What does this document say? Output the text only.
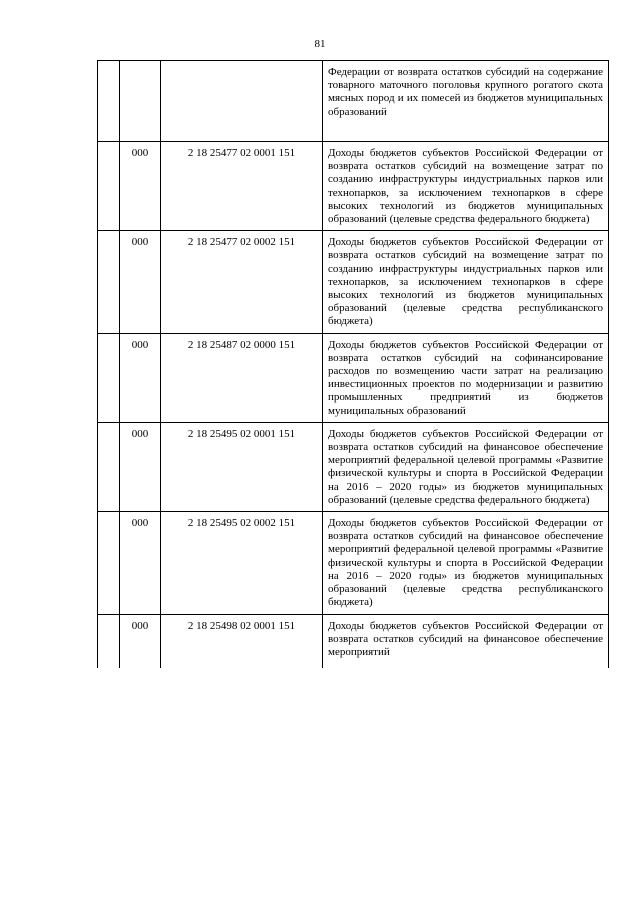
81
			Федерации от возврата остатков субсидий на содержание товарного маточного поголовья крупного рогатого скота мясных пород и их помесей из бюджетов муниципальных образований
	000	2 18 25477 02 0001 151	Доходы бюджетов субъектов Российской Федерации от возврата остатков субсидий на возмещение затрат по созданию инфраструктуры индустриальных парков или технопарков, за исключением технопарков в сфере высоких технологий из бюджетов муниципальных образований (целевые средства федерального бюджета)
	000	2 18 25477 02 0002 151	Доходы бюджетов субъектов Российской Федерации от возврата остатков субсидий на возмещение затрат по созданию инфраструктуры индустриальных парков или технопарков, за исключением технопарков в сфере высоких технологий из бюджетов муниципальных образований (целевые средства республиканского бюджета)
	000	2 18 25487 02 0000 151	Доходы бюджетов субъектов Российской Федерации от возврата остатков субсидий на софинансирование расходов по возмещению части затрат на реализацию инвестиционных проектов по модернизации и развитию промышленных предприятий из бюджетов муниципальных образований
	000	2 18 25495 02 0001 151	Доходы бюджетов субъектов Российской Федерации от возврата остатков субсидий на финансовое обеспечение мероприятий федеральной целевой программы «Развитие физической культуры и спорта в Российской Федерации на 2016 – 2020 годы» из бюджетов муниципальных образований (целевые средства федерального бюджета)
	000	2 18 25495 02 0002 151	Доходы бюджетов субъектов Российской Федерации от возврата остатков субсидий на финансовое обеспечение мероприятий федеральной целевой программы «Развитие физической культуры и спорта в Российской Федерации на 2016 – 2020 годы» из бюджетов муниципальных образований (целевые средства республиканского бюджета)
	000	2 18 25498 02 0001 151	Доходы бюджетов субъектов Российской Федерации от возврата остатков субсидий на финансовое обеспечение мероприятий
